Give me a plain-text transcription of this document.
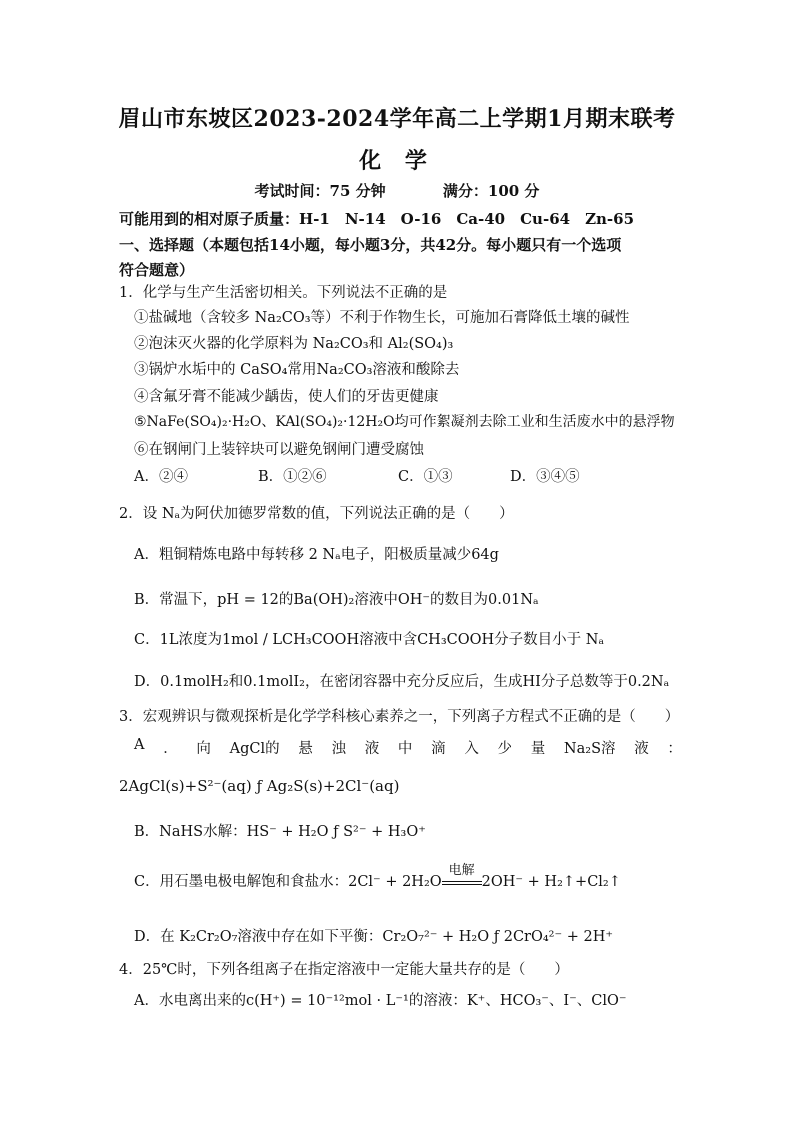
眉山市东坡区2023-2024学年高二上学期1月期末联考
化 学
考试时间：75 分钟	满分：100 分
可能用到的相对原子质量：H-1　N-14　O-16　Ca-40　Cu-64　Zn-65
一、选择题（本题包括14小题，每小题3分，共42分。每小题只有一个选项
符合题意）
1．化学与生产生活密切相关。下列说法不正确的是
①盐碱地（含较多 Na₂CO₃等）不利于作物生长，可施加石膏降低土壤的碱性
②泡沫灭火器的化学原料为 Na₂CO₃和 Al₂(SO₄)₃
③锅炉水垢中的 CaSO₄常用Na₂CO₃溶液和酸除去
④含氟牙膏不能减少龋齿，使人们的牙齿更健康
⑤NaFe(SO₄)₂·H₂O、KAl(SO₄)₂·12H₂O均可作絮凝剂去除工业和生活废水中的悬浮物
⑥在钢闸门上装锌块可以避免钢闸门遭受腐蚀
A．②④	B．①②⑥	C．①③	D．③④⑤
2．设 Nₐ为阿伏加德罗常数的值，下列说法正确的是（　　）
A．粗铜精炼电路中每转移 2 Nₐ电子，阳极质量减少64g
B．常温下，pH = 12的Ba(OH)₂溶液中OH⁻的数目为0.01Nₐ
C．1L浓度为1mol / LCH₃COOH溶液中含CH₃COOH分子数目小于 Nₐ
D．0.1molH₂和0.1molI₂，在密闭容器中充分反应后，生成HI分子总数等于0.2Nₐ
3．宏观辨识与微观探析是化学学科核心素养之一，下列离子方程式不正确的是（　　）
A ． 向 AgCl的 悬 浊 液 中 滴 入 少 量 Na₂S溶 液 ：
2AgCl(s)+S²⁻(aq) ƒ Ag₂S(s)+2Cl⁻(aq)
B．NaHS水解：HS⁻ + H₂O ƒ S²⁻ + H₃O⁺
C．用石墨电极电解饱和食盐水：2Cl⁻ + 2H₂O
电解
2OH⁻ + H₂↑+Cl₂↑
D．在 K₂Cr₂O₇溶液中存在如下平衡：Cr₂O₇²⁻ + H₂O ƒ 2CrO₄²⁻ + 2H⁺
4．25℃时，下列各组离子在指定溶液中一定能大量共存的是（　　）
A．水电离出来的c(H⁺) = 10⁻¹²mol · L⁻¹的溶液：K⁺、HCO₃⁻、I⁻、ClO⁻
